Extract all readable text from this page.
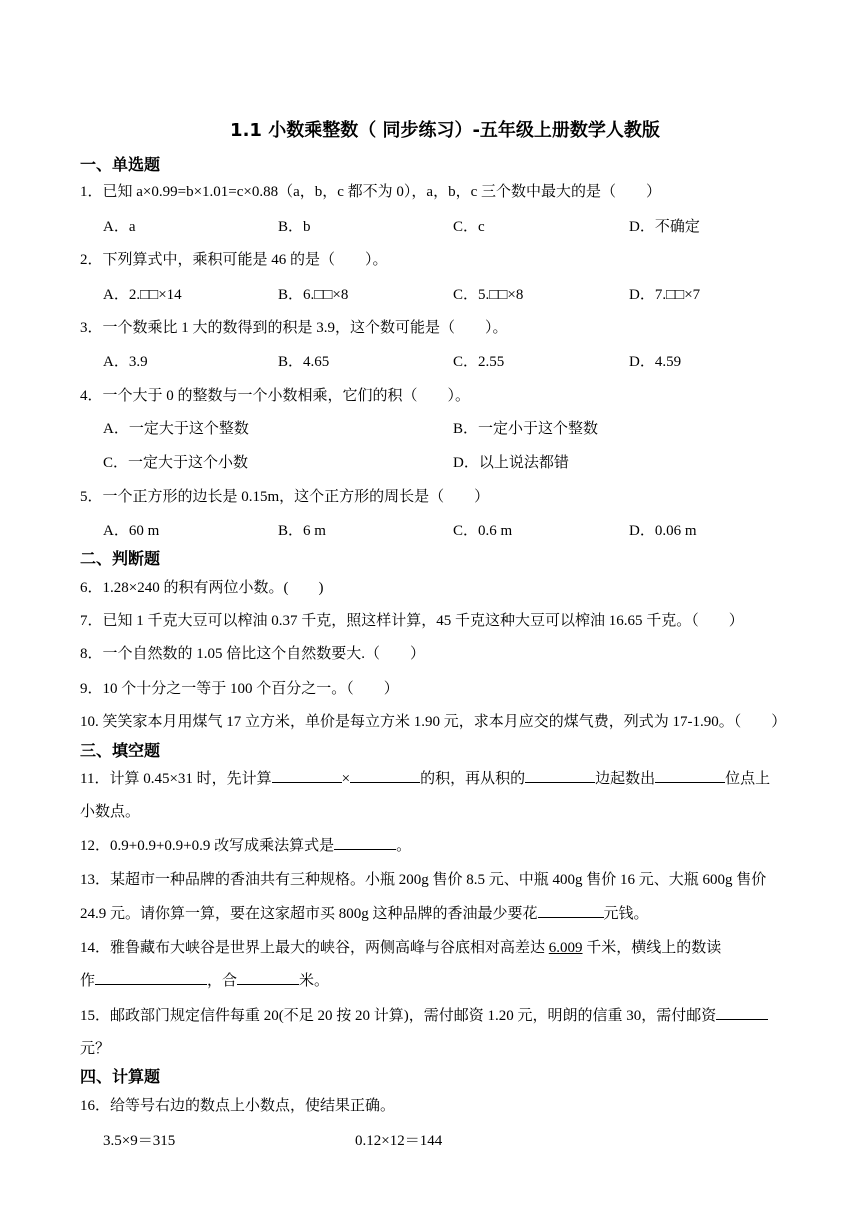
1.1 小数乘整数（ 同步练习）-五年级上册数学人教版
一、单选题
1．已知 a×0.99=b×1.01=c×0.88（a，b，c 都不为 0），a，b，c 三个数中最大的是（　　）
A．a	B．b	C．c	D．不确定
2．下列算式中，乘积可能是 46 的是（　　）。
A．2.□□×14	B．6.□□×8	C．5.□□×8	D．7.□□×7
3．一个数乘比 1 大的数得到的积是 3.9，这个数可能是（　　）。
A．3.9	B．4.65	C．2.55	D．4.59
4．一个大于 0 的整数与一个小数相乘，它们的积（　　）。
A．一定大于这个整数	B．一定小于这个整数
C．一定大于这个小数	D．以上说法都错
5．一个正方形的边长是 0.15m，这个正方形的周长是（　　）
A．60 m	B．6 m	C．0.6 m	D．0.06 m
二、判断题
6．1.28×240 的积有两位小数。(　　)
7．已知 1 千克大豆可以榨油 0.37 千克，照这样计算，45 千克这种大豆可以榨油 16.65 千克。（　　）
8．一个自然数的 1.05 倍比这个自然数要大.（　　）
9．10 个十分之一等于 100 个百分之一。（　　）
10. 笑笑家本月用煤气 17 立方米，单价是每立方米 1.90 元，求本月应交的煤气费，列式为 17-1.90。（　　）
三、填空题
11．计算 0.45×31 时，先计算	×	的积，再从积的	边起数出	位点上
小数点。
12．0.9+0.9+0.9+0.9 改写成乘法算式是	。
13．某超市一种品牌的香油共有三种规格。小瓶 200g 售价 8.5 元、中瓶 400g 售价 16 元、大瓶 600g 售价
24.9 元。请你算一算，要在这家超市买 800g 这种品牌的香油最少要花	元钱。
14．雅鲁藏布大峡谷是世界上最大的峡谷，两侧高峰与谷底相对高差达 6.009 千米，横线上的数读
作	，合	米。
15．邮政部门规定信件每重 20(不足 20 按 20 计算)，需付邮资 1.20 元，明朗的信重 30，需付邮资
元？
四、计算题
16．给等号右边的数点上小数点，使结果正确。
3.5×9＝315	0.12×12＝144
